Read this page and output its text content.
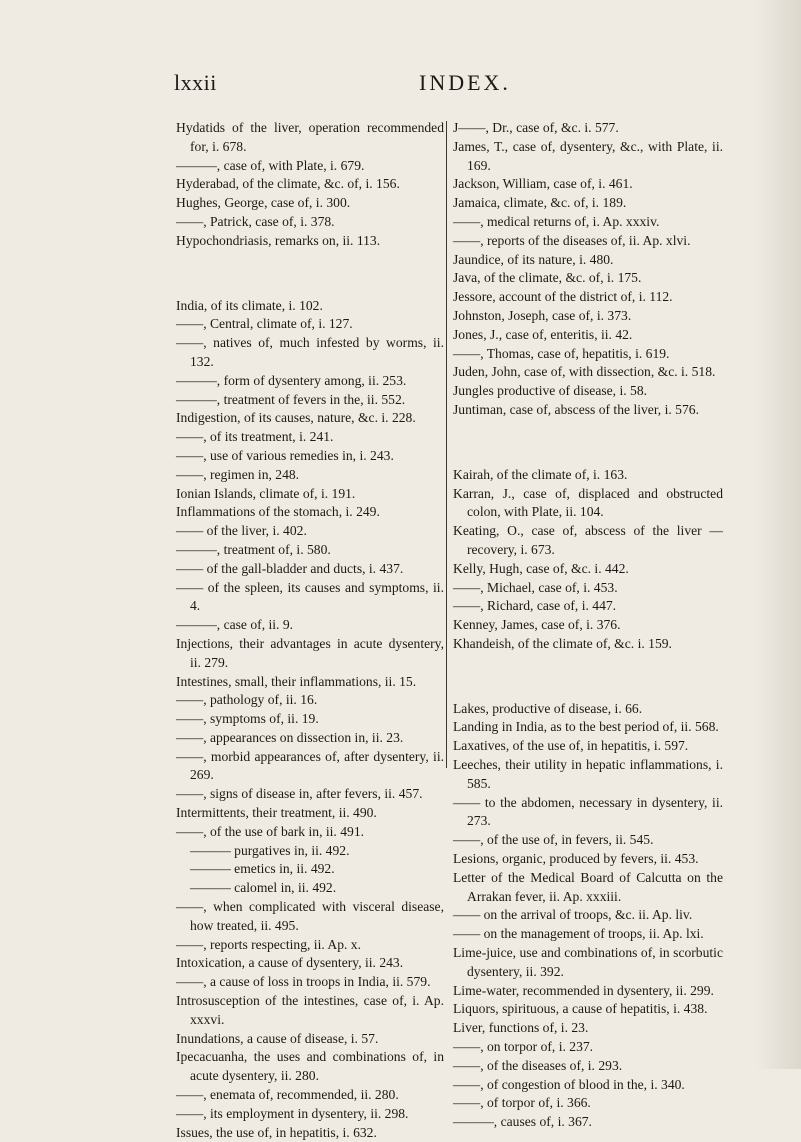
lxxii	INDEX.

Hydatids of the liver, operation recommended for, i. 678.

———, case of, with Plate, i. 679.

Hyderabad, of the climate, &c. of, i. 156.

Hughes, George, case of, i. 300.

——, Patrick, case of, i. 378.

Hypochondriasis, remarks on, ii. 113.

India, of its climate, i. 102.

——, Central, climate of, i. 127.

——, natives of, much infested by worms, ii. 132.

———, form of dysentery among, ii. 253.

———, treatment of fevers in the, ii. 552.

Indigestion, of its causes, nature, &c. i. 228.

——, of its treatment, i. 241.

——, use of various remedies in, i. 243.

——, regimen in, 248.

Ionian Islands, climate of, i. 191.

Inflammations of the stomach, i. 249.

—— of the liver, i. 402.

———, treatment of, i. 580.

—— of the gall-bladder and ducts, i. 437.

—— of the spleen, its causes and symptoms, ii. 4.

———, case of, ii. 9.

Injections, their advantages in acute dysentery, ii. 279.

Intestines, small, their inflammations, ii. 15.

——, pathology of, ii. 16.

——, symptoms of, ii. 19.

——, appearances on dissection in, ii. 23.

——, morbid appearances of, after dysentery, ii. 269.

——, signs of disease in, after fevers, ii. 457.

Intermittents, their treatment, ii. 490.

——, of the use of bark in, ii. 491.

——— purgatives in, ii. 492.

——— emetics in, ii. 492.

——— calomel in, ii. 492.

——, when complicated with visceral disease, how treated, ii. 495.

——, reports respecting, ii. Ap. x.

Intoxication, a cause of dysentery, ii. 243.

——, a cause of loss in troops in India, ii. 579.

Introsusception of the intestines, case of, i. Ap. xxxvi.

Inundations, a cause of disease, i. 57.

Ipecacuanha, the uses and combinations of, in acute dysentery, ii. 280.

——, enemata of, recommended, ii. 280.

——, its employment in dysentery, ii. 298.

Issues, the use of, in hepatitis, i. 632.

J——, Dr., case of, &c. i. 577.

James, T., case of, dysentery, &c., with Plate, ii. 169.

Jackson, William, case of, i. 461.

Jamaica, climate, &c. of, i. 189.

——, medical returns of, i. Ap. xxxiv.

——, reports of the diseases of, ii. Ap. xlvi.

Jaundice, of its nature, i. 480.

Java, of the climate, &c. of, i. 175.

Jessore, account of the district of, i. 112.

Johnston, Joseph, case of, i. 373.

Jones, J., case of, enteritis, ii. 42.

——, Thomas, case of, hepatitis, i. 619.

Juden, John, case of, with dissection, &c. i. 518.

Jungles productive of disease, i. 58.

Juntiman, case of, abscess of the liver, i. 576.

Kairah, of the climate of, i. 163.

Karran, J., case of, displaced and obstructed colon, with Plate, ii. 104.

Keating, O., case of, abscess of the liver — recovery, i. 673.

Kelly, Hugh, case of, &c. i. 442.

——, Michael, case of, i. 453.

——, Richard, case of, i. 447.

Kenney, James, case of, i. 376.

Khandeish, of the climate of, &c. i. 159.

Lakes, productive of disease, i. 66.

Landing in India, as to the best period of, ii. 568.

Laxatives, of the use of, in hepatitis, i. 597.

Leeches, their utility in hepatic inflammations, i. 585.

—— to the abdomen, necessary in dysentery, ii. 273.

——, of the use of, in fevers, ii. 545.

Lesions, organic, produced by fevers, ii. 453.

Letter of the Medical Board of Calcutta on the Arrakan fever, ii. Ap. xxxiii.

—— on the arrival of troops, &c. ii. Ap. liv.

—— on the management of troops, ii. Ap. lxi.

Lime-juice, use and combinations of, in scorbutic dysentery, ii. 392.

Lime-water, recommended in dysentery, ii. 299.

Liquors, spirituous, a cause of hepatitis, i. 438.

Liver, functions of, i. 23.

——, on torpor of, i. 237.

——, of the diseases of, i. 293.

——, of congestion of blood in the, i. 340.

——, of torpor of, i. 366.

———, causes of, i. 367.
